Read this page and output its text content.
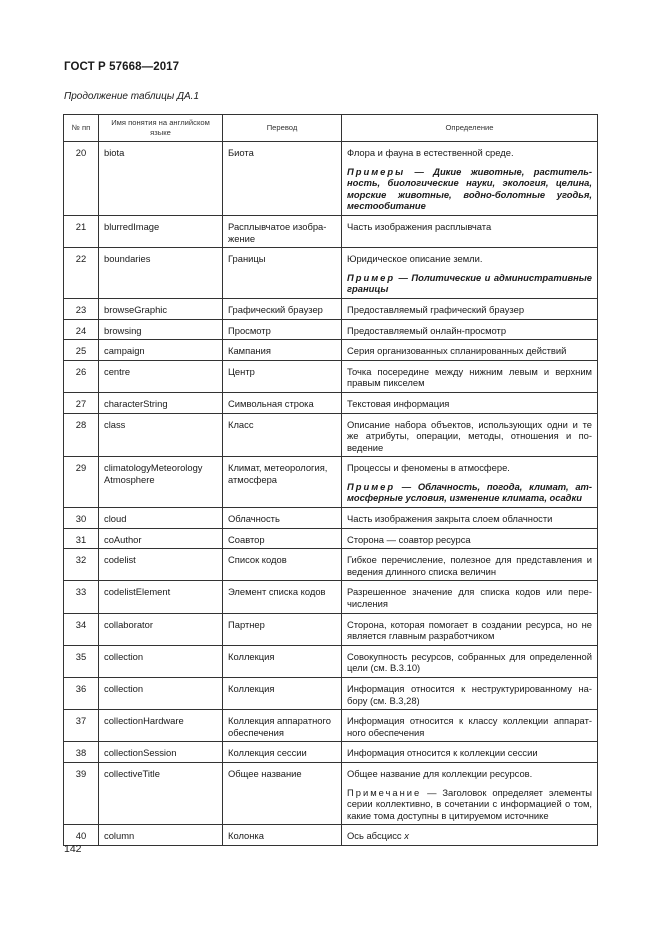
ГОСТ Р 57668—2017
Продолжение таблицы ДА.1
№ пп	Имя понятия на английском языке	Перевод	Определение
20	biota	Биота	Флора и фауна в естественной среде.

Примеры — Дикие животные, растительность, биологические науки, экология, целина, морские животные, водно-болотные угодья, местообитание

21	blurredImage	Расплывчатое изображение	Часть изображения расплывчата

22	boundaries	Границы	Юридическое описание земли.

Пример — Политические и административные границы

23	browseGraphic	Графический браузер	Предоставляемый графический браузер

24	browsing	Просмотр	Предоставляемый онлайн-просмотр

25	campaign	Кампания	Серия организованных спланированных действий

26	centre	Центр	Точка посередине между нижним левым и верхним правым пикселем

27	characterString	Символьная строка	Текстовая информация

28	class	Класс	Описание набора объектов, использующих одни и те же атрибуты, операции, методы, отношения и поведение

29	climatologyMeteorology Atmosphere	Климат, метеорология, атмосфера	Процессы и феномены в атмосфере.

Пример — Облачность, погода, климат, атмосферные условия, изменение климата, осадки

30	cloud	Облачность	Часть изображения закрыта слоем облачности

31	coAuthor	Соавтор	Сторона — соавтор ресурса

32	codelist	Список кодов	Гибкое перечисление, полезное для представления и ведения длинного списка величин

33	codelistElement	Элемент списка кодов	Разрешенное значение для списка кодов или перечисления

34	collaborator	Партнер	Сторона, которая помогает в создании ресурса, но не является главным разработчиком

35	collection	Коллекция	Совокупность ресурсов, собранных для определенной цели (см. В.3.10)

36	collection	Коллекция	Информация относится к неструктурированному набору (см. В.3,28)

37	collectionHardware	Коллекция аппаратного обеспечения	Информация относится к классу коллекции аппаратного обеспечения

38	collectionSession	Коллекция сессии	Информация относится к коллекции сессии

39	collectiveTitle	Общее название	Общее название для коллекции ресурсов.

Примечание — Заголовок определяет элементы серии коллективно, в сочетании с информацией о том, какие тома доступны в цитируемом источнике

40	column	Колонка	Ось абсцисс x

142
